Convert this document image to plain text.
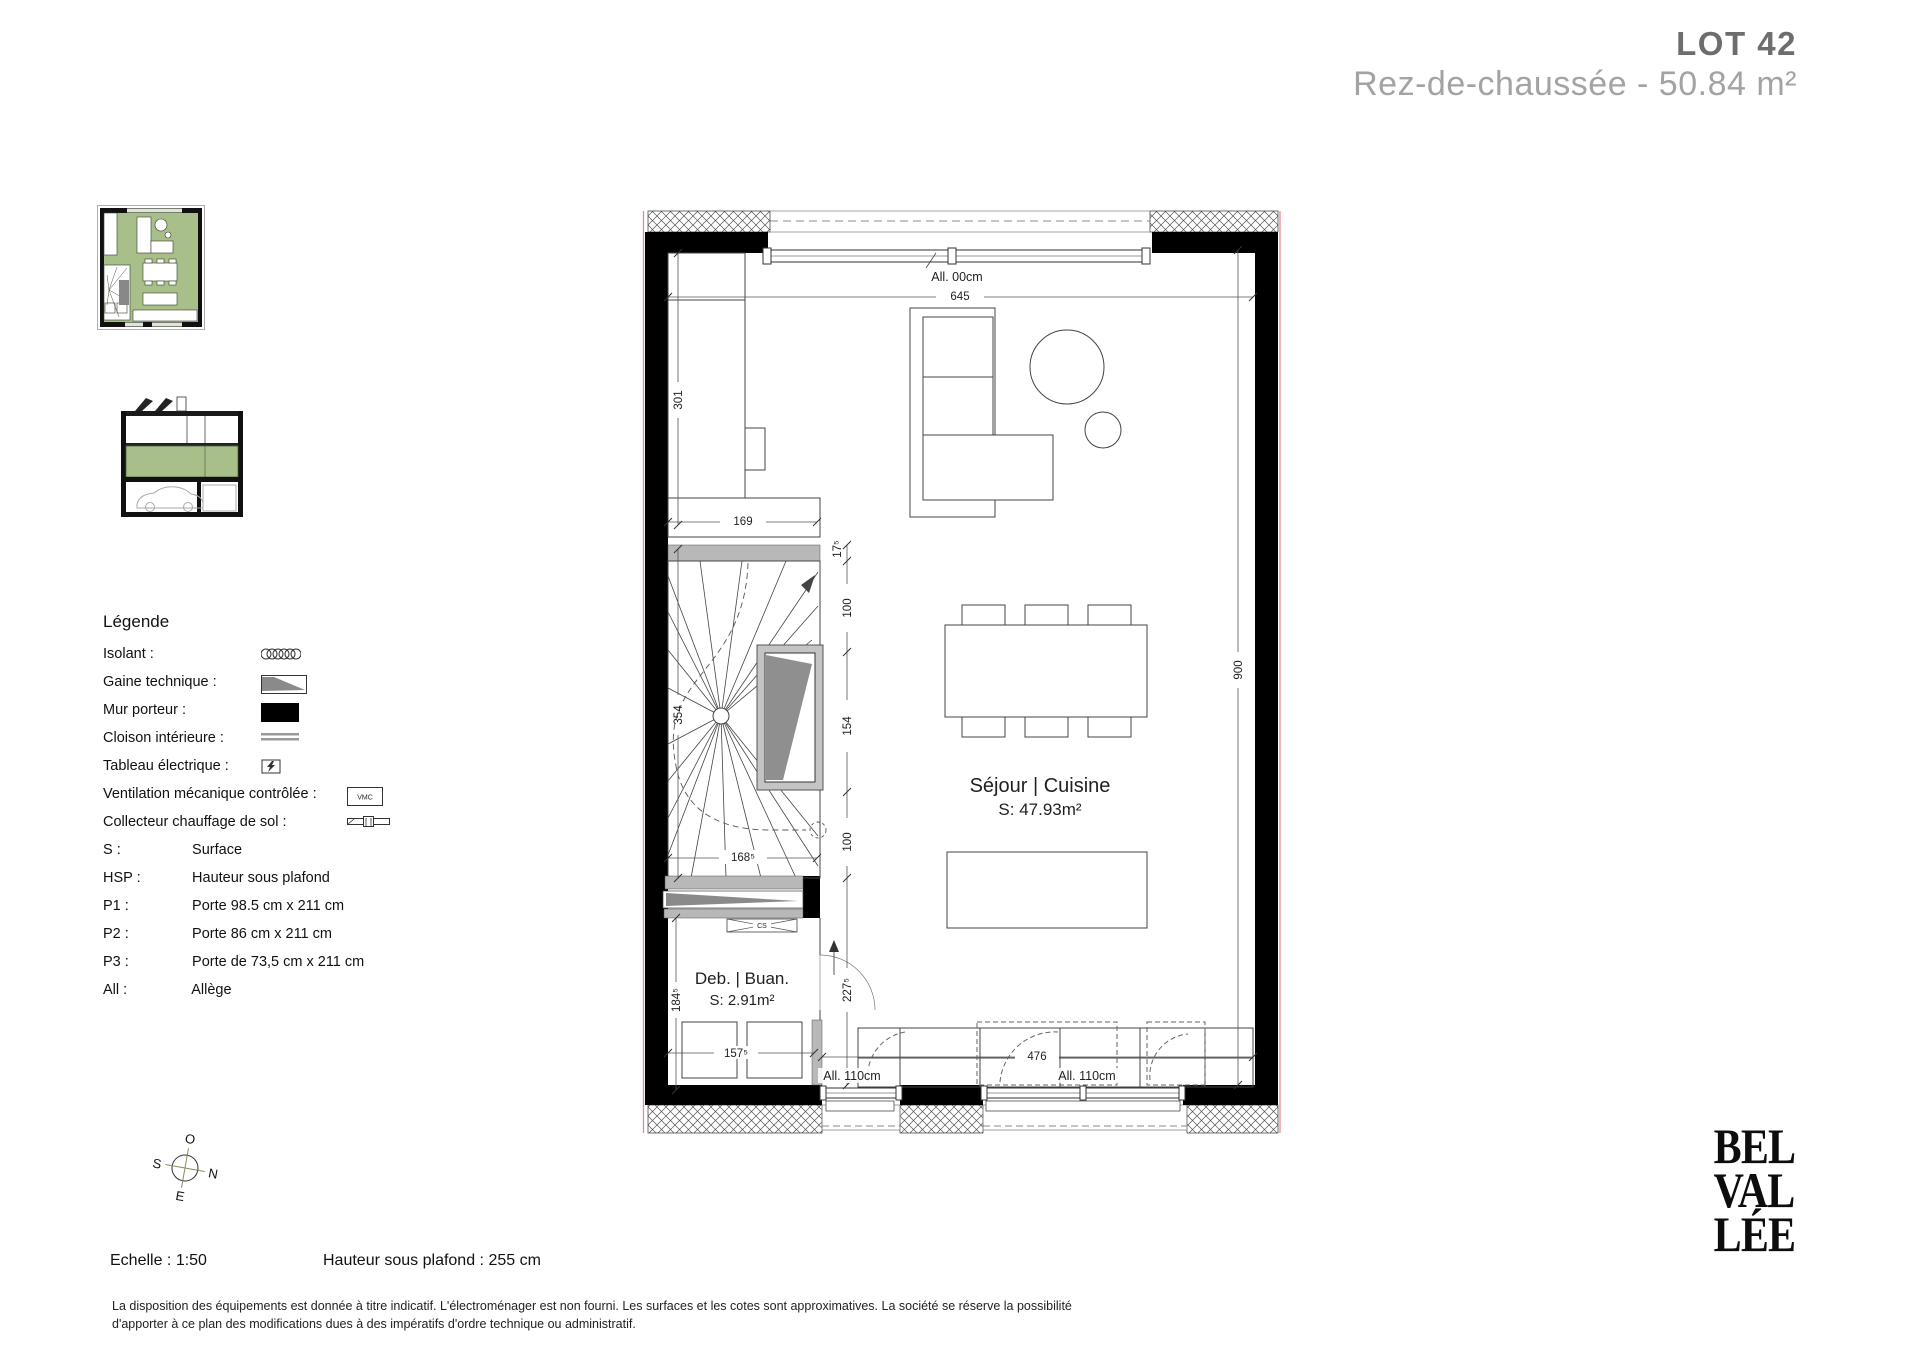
LOT 42
Rez-de-chaussée - 50.84 m²
Légende
Isolant :
Gaine technique :
Mur porteur :
Cloison intérieure :
Tableau électrique :
Ventilation mécanique contrôlée :	VMC
Collecteur chauffage de sol :
S :	Surface
HSP :	Hauteur sous plafond
P1 :	Porte 98.5 cm x 211 cm
P2 :	Porte 86 cm x 211 cm
P3 :	Porte de 73,5 cm x 211 cm
All :	Allège
CS
645
301
169
17⁵
100
154
100
354
168⁵
900
184⁵
157⁵
227⁵
476
All. 00cm
All. 110cm	All. 110cm
Séjour | Cuisine
S: 47.93m²
Deb. | Buan.
S: 2.91m²
O
N
S
E
Echelle : 1:50	Hauteur sous plafond : 255 cm
La disposition des équipements est donnée à titre indicatif. L'électroménager est non fourni. Les surfaces et les cotes sont approximatives. La société se réserve la possibilité
d'apporter à ce plan des modifications dues à des impératifs d'ordre technique ou administratif.
BEL
VAL
LÉE
